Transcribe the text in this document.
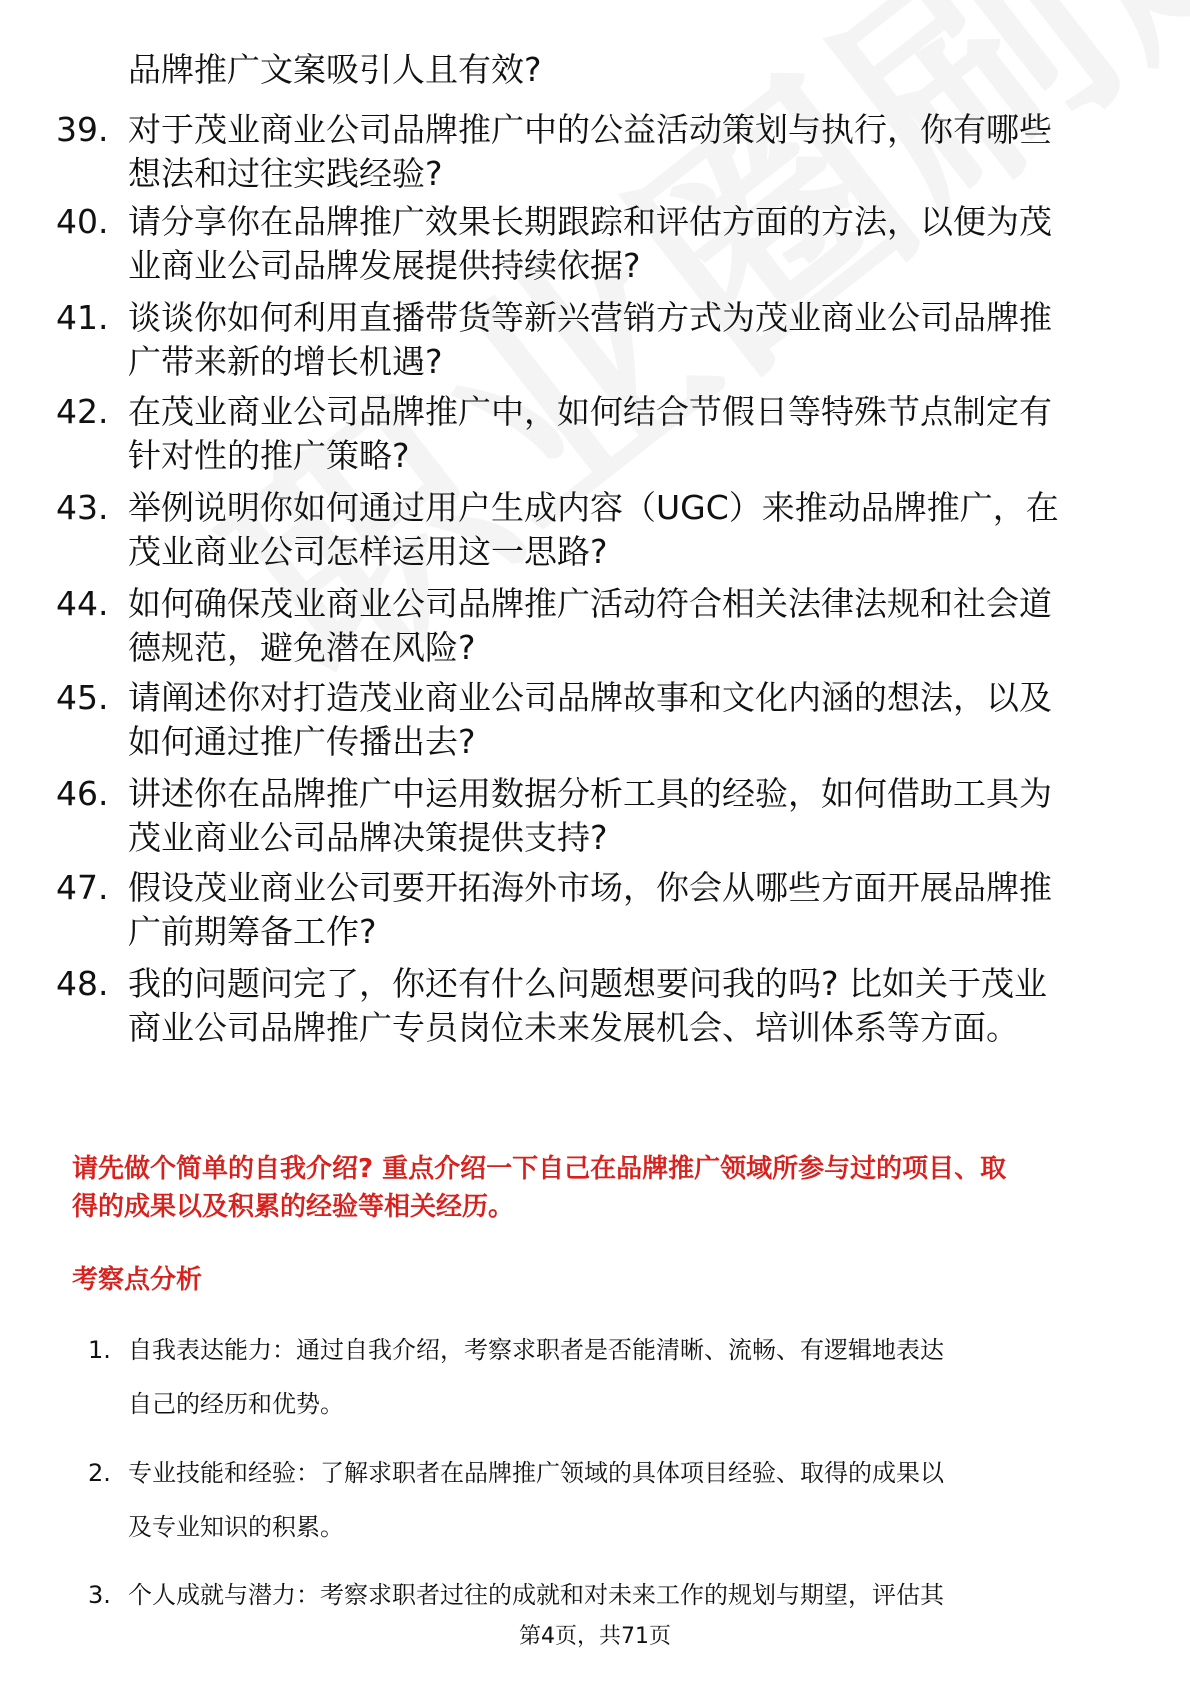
品牌推广文案吸引人且有效?
39. 对于茂业商业公司品牌推广中的公益活动策划与执行，你有哪些
想法和过往实践经验?
40. 请分享你在品牌推广效果长期跟踪和评估方面的方法，以便为茂
业商业公司品牌发展提供持续依据?
41. 谈谈你如何利用直播带货等新兴营销方式为茂业商业公司品牌推
广带来新的增长机遇?
42. 在茂业商业公司品牌推广中，如何结合节假日等特殊节点制定有
针对性的推广策略?
43. 举例说明你如何通过用户生成内容（UGC）来推动品牌推广，在
茂业商业公司怎样运用这一思路?
44. 如何确保茂业商业公司品牌推广活动符合相关法律法规和社会道
德规范，避免潜在风险?
45. 请阐述你对打造茂业商业公司品牌故事和文化内涵的想法，以及
如何通过推广传播出去?
46. 讲述你在品牌推广中运用数据分析工具的经验，如何借助工具为
茂业商业公司品牌决策提供支持?
47. 假设茂业商业公司要开拓海外市场，你会从哪些方面开展品牌推
广前期筹备工作?
48. 我的问题问完了，你还有什么问题想要问我的吗? 比如关于茂业
商业公司品牌推广专员岗位未来发展机会、培训体系等方面。
请先做个简单的自我介绍? 重点介绍一下自己在品牌推广领域所参与过的项目、取
得的成果以及积累的经验等相关经历。
考察点分析
1. 自我表达能力：通过自我介绍，考察求职者是否能清晰、流畅、有逻辑地表达
自己的经历和优势。
2. 专业技能和经验：了解求职者在品牌推广领域的具体项目经验、取得的成果以
及专业知识的积累。
3. 个人成就与潜力：考察求职者过往的成就和对未来工作的规划与期望，评估其
第4页，共71页
